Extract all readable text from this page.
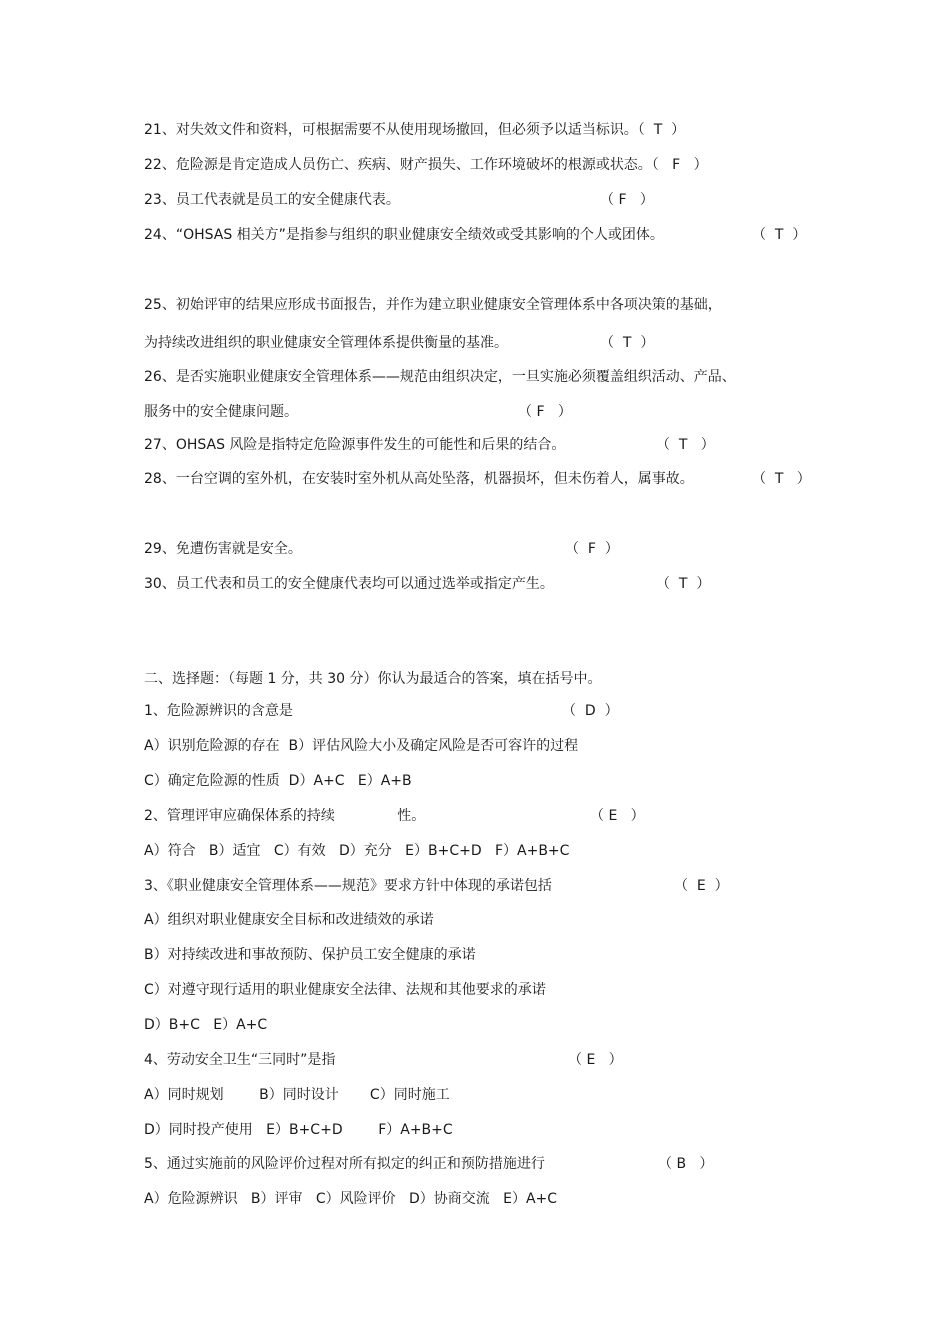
21、对失效文件和资料，可根据需要不从使用现场撤回，但必须予以适当标识。（  T  ）
22、危险源是肯定造成人员伤亡、疾病、财产损失、工作环境破坏的根源或状态。（   F   ）
23、员工代表就是员工的安全健康代表。	（ F   ）
24、“OHSAS 相关方”是指参与组织的职业健康安全绩效或受其影响的个人或团体。	（  T  ）
25、初始评审的结果应形成书面报告，并作为建立职业健康安全管理体系中各项决策的基础，
为持续改进组织的职业健康安全管理体系提供衡量的基准。	（  T  ）
26、是否实施职业健康安全管理体系——规范由组织决定，一旦实施必须覆盖组织活动、产品、
服务中的安全健康问题。	（ F   ）
27、OHSAS 风险是指特定危险源事件发生的可能性和后果的结合。	（  T   ）
28、一台空调的室外机，在安装时室外机从高处坠落，机器损坏，但未伤着人，属事故。	（  T   ）
29、免遭伤害就是安全。	（  F  ）
30、员工代表和员工的安全健康代表均可以通过选举或指定产生。	（  T  ）
二、选择题：（每题 1 分，共 30 分）你认为最适合的答案，填在括号中。
1、危险源辨识的含意是	（  D  ）
A）识别危险源的存在  B）评估风险大小及确定风险是否可容许的过程
C）确定危险源的性质  D）A+C   E）A+B
2、管理评审应确保体系的持续              性。	（ E   ）
A）符合   B）适宜   C）有效   D）充分   E）B+C+D   F）A+B+C
3、《职业健康安全管理体系——规范》要求方针中体现的承诺包括	（  E  ）
A）组织对职业健康安全目标和改进绩效的承诺
B）对持续改进和事故预防、保护员工安全健康的承诺
C）对遵守现行适用的职业健康安全法律、法规和其他要求的承诺
D）B+C   E）A+C
4、劳动安全卫生“三同时”是指	（ E   ）
A）同时规划        B）同时设计       C）同时施工
D）同时投产使用   E）B+C+D        F）A+B+C
5、通过实施前的风险评价过程对所有拟定的纠正和预防措施进行	（ B   ）
A）危险源辨识   B）评审   C）风险评价   D）协商交流   E）A+C
